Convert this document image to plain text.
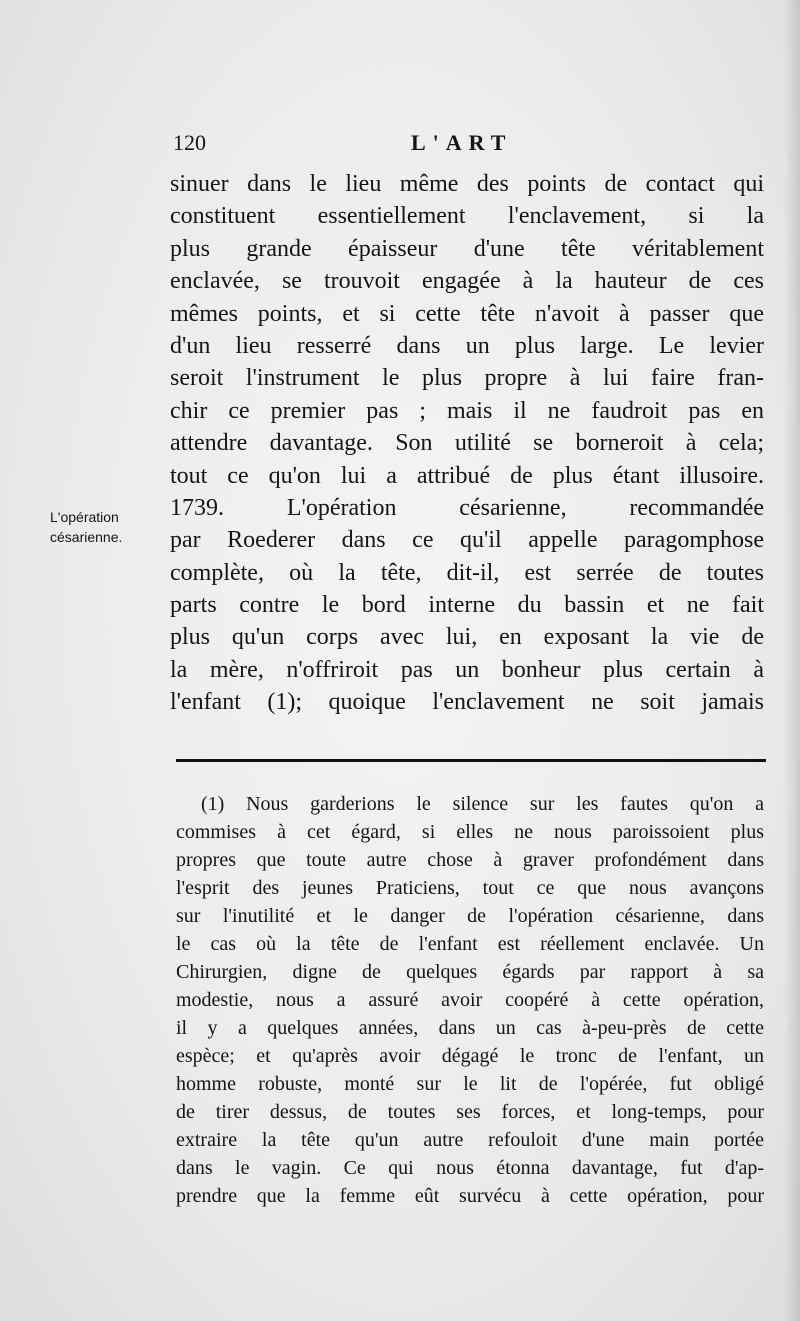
120	L'ART
L'opération
césarienne.
sinuer dans le lieu même des points de contact qui
constituent essentiellement l'enclavement, si la
plus grande épaisseur d'une tête véritablement
enclavée, se trouvoit engagée à la hauteur de ces
mêmes points, et si cette tête n'avoit à passer que
d'un lieu resserré dans un plus large. Le levier
seroit l'instrument le plus propre à lui faire fran-
chir ce premier pas ; mais il ne faudroit pas en
attendre davantage. Son utilité se borneroit à cela;
tout ce qu'on lui a attribué de plus étant illusoire.
1739. L'opération césarienne, recommandée
par Roederer dans ce qu'il appelle paragomphose
complète, où la tête, dit-il, est serrée de toutes
parts contre le bord interne du bassin et ne fait
plus qu'un corps avec lui, en exposant la vie de
la mère, n'offriroit pas un bonheur plus certain à
l'enfant (1); quoique l'enclavement ne soit jamais
(1) Nous garderions le silence sur les fautes qu'on a
commises à cet égard, si elles ne nous paroissoient plus
propres que toute autre chose à graver profondément dans
l'esprit des jeunes Praticiens, tout ce que nous avançons
sur l'inutilité et le danger de l'opération césarienne, dans
le cas où la tête de l'enfant est réellement enclavée. Un
Chirurgien, digne de quelques égards par rapport à sa
modestie, nous a assuré avoir coopéré à cette opération,
il y a quelques années, dans un cas à-peu-près de cette
espèce; et qu'après avoir dégagé le tronc de l'enfant, un
homme robuste, monté sur le lit de l'opérée, fut obligé
de tirer dessus, de toutes ses forces, et long-temps, pour
extraire la tête qu'un autre refouloit d'une main portée
dans le vagin. Ce qui nous étonna davantage, fut d'ap-
prendre que la femme eût survécu à cette opération, pour
